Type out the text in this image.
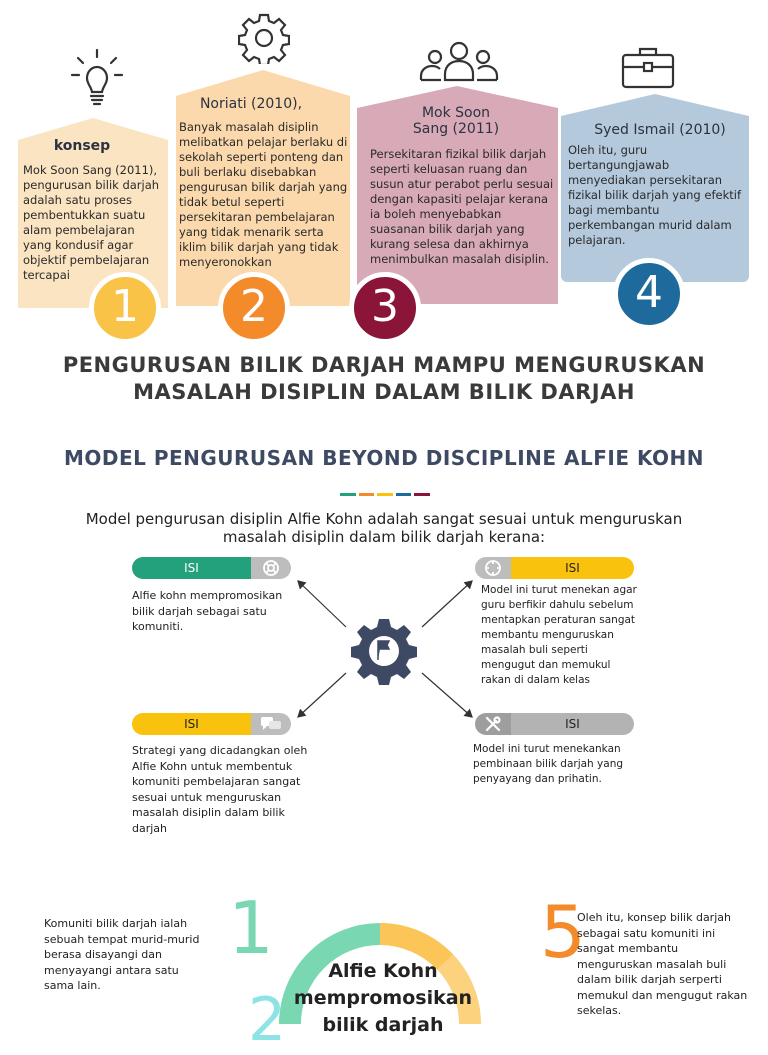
konsep
Mok Soon Sang (2011), pengurusan bilik darjah adalah satu proses pembentukkan suatu alam pembelajaran yang kondusif agar objektif pembelajaran tercapai
Noriati (2010),
Banyak masalah disiplin melibatkan pelajar berlaku di sekolah seperti ponteng dan buli berlaku disebabkan pengurusan bilik darjah yang tidak betul seperti persekitaran pembelajaran yang tidak menarik serta iklim bilik darjah yang tidak menyeronokkan
Mok Soon Sang (2011)
Persekitaran fizikal bilik darjah seperti keluasan ruang dan susun atur perabot perlu sesuai dengan kapasiti pelajar kerana ia boleh menyebabkan suasanan bilik darjah yang kurang selesa dan akhirnya menimbulkan masalah disiplin.
Syed Ismail (2010)
Oleh itu, guru bertangungjawab menyediakan persekitaran fizikal bilik darjah yang efektif bagi membantu perkembangan murid dalam pelajaran.
1	2	3	4
PENGURUSAN BILIK DARJAH MAMPU MENGURUSKAN MASALAH DISIPLIN DALAM BILIK DARJAH
MODEL PENGURUSAN BEYOND DISCIPLINE ALFIE KOHN
Model pengurusan disiplin Alfie Kohn adalah sangat sesuai untuk menguruskan masalah disiplin dalam bilik darjah kerana:
ISI
Alfie kohn mempromosikan bilik darjah sebagai satu komuniti.
ISI
Model ini turut menekan agar guru berfikir dahulu sebelum mentapkan peraturan sangat membantu menguruskan masalah buli seperti mengugut dan memukul rakan di dalam kelas
ISI
Strategi yang dicadangkan oleh Alfie Kohn untuk membentuk komuniti pembelajaran sangat sesuai untuk menguruskan masalah disiplin dalam bilik darjah
ISI
Model ini turut menekankan pembinaan bilik darjah yang penyayang dan prihatin.
Komuniti bilik darjah ialah sebuah tempat murid-murid berasa disayangi dan menyayangi antara satu sama lain.
1
2
Alfie Kohn mempromosikan bilik darjah
5
Oleh itu, konsep bilik darjah sebagai satu komuniti ini sangat membantu menguruskan masalah buli dalam bilik darjah serperti memukul dan mengugut rakan sekelas.
